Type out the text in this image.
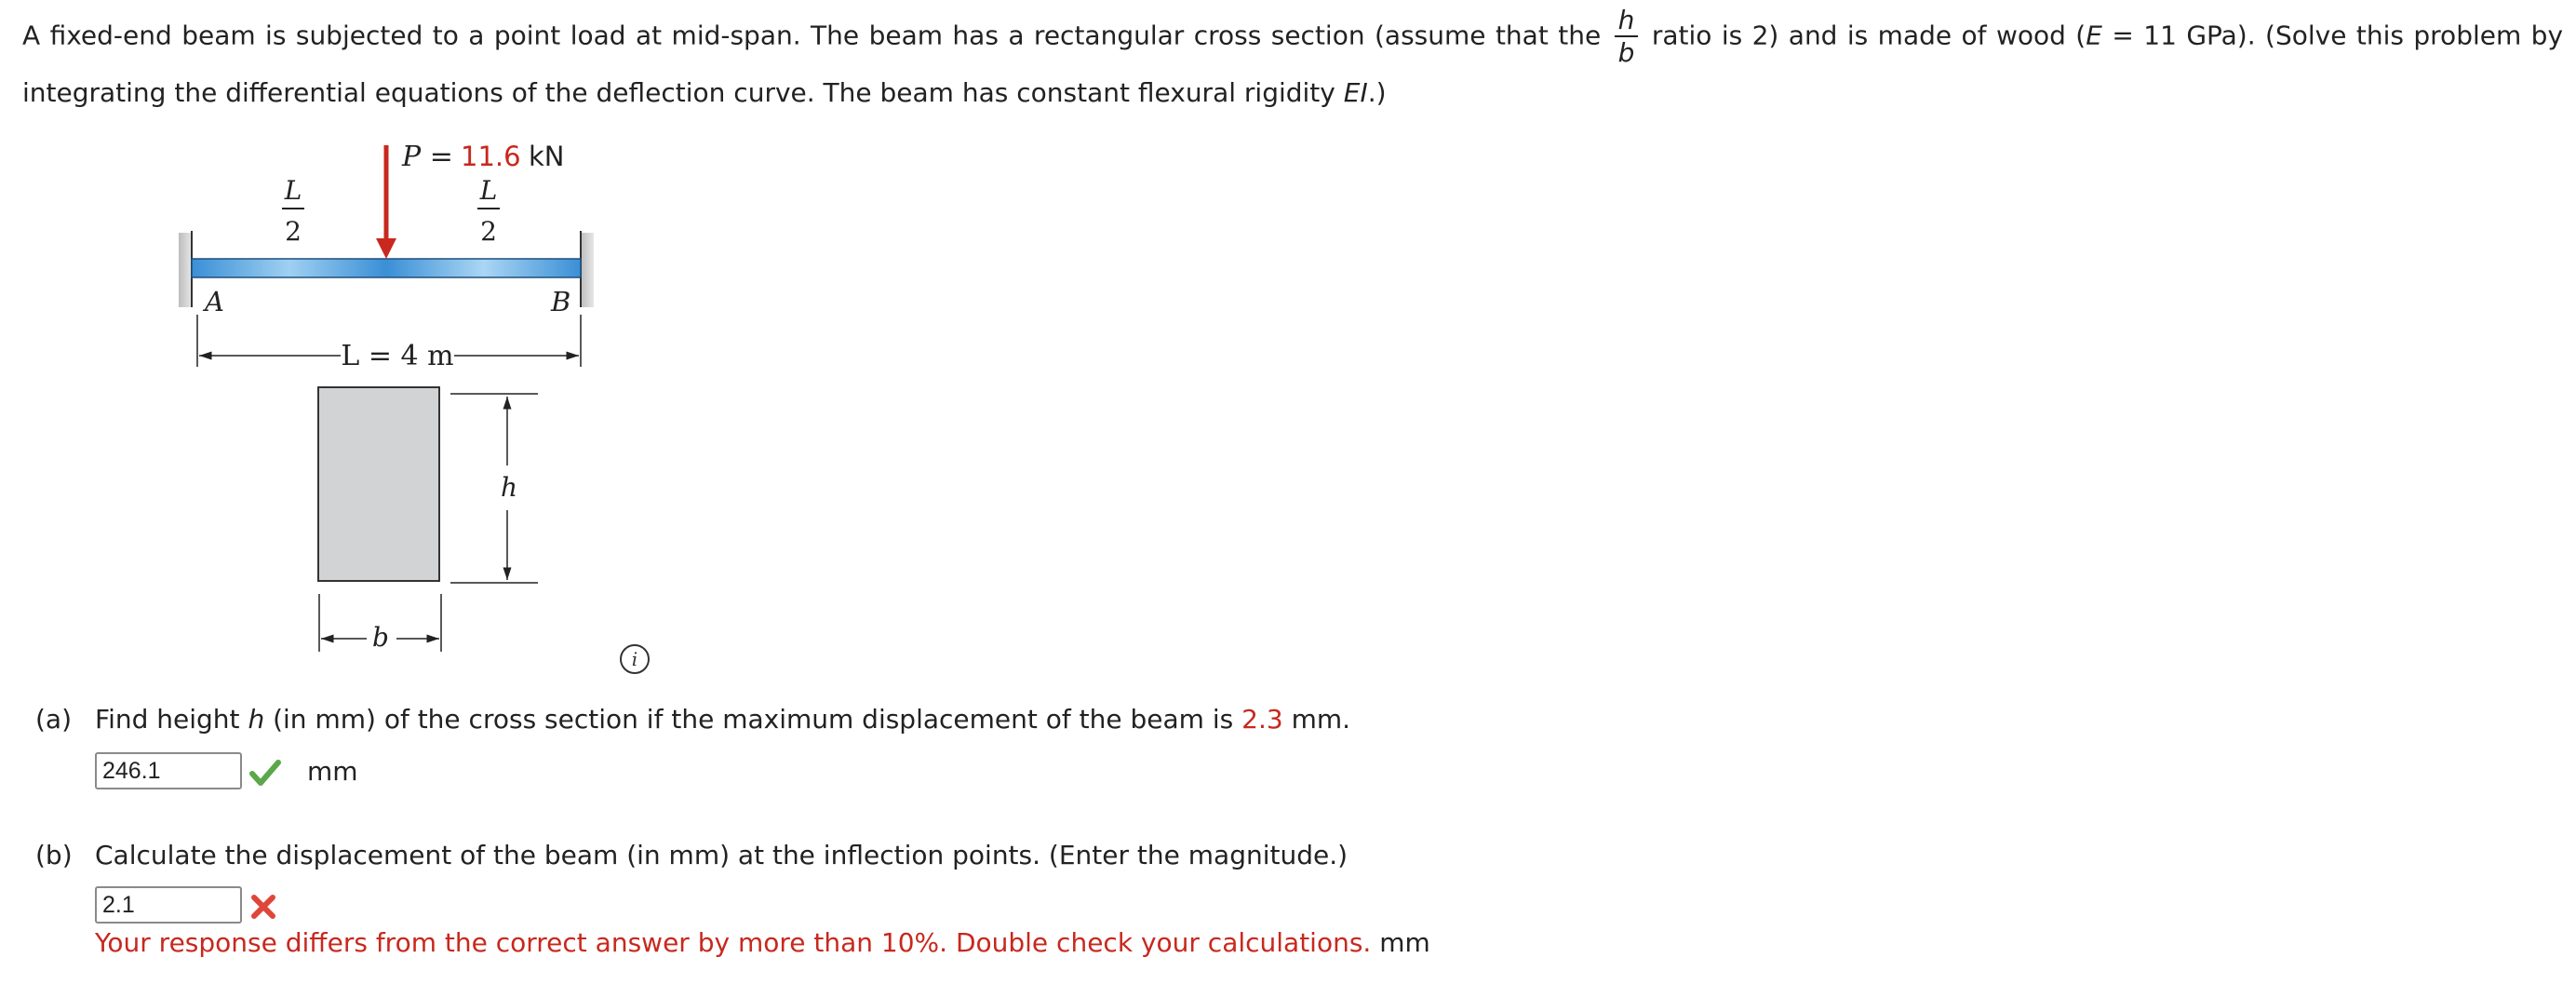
A fixed-end beam is subjected to a point load at mid-span. The beam has a rectangular cross section (assume that the $\frac{h}{b}$ ratio is 2) and is made of wood (E = 11 GPa). (Solve this problem by integrating the differential equations of the deflection curve. The beam has constant flexural rigidity EI.)
P = 11.6 kN
L
2
L
2
A	B
L = 4 m
h
b
i
(a) Find height h (in mm) of the cross section if the maximum displacement of the beam is 2.3 mm.
246.1	mm
(b) Calculate the displacement of the beam (in mm) at the inflection points. (Enter the magnitude.)
2.1
Your response differs from the correct answer by more than 10%. Double check your calculations. mm
